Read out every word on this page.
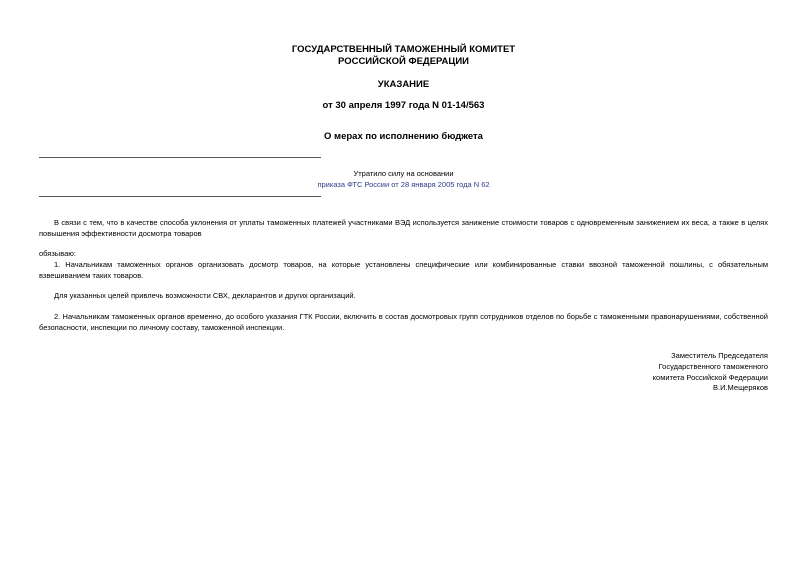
ГОСУДАРСТВЕННЫЙ ТАМОЖЕННЫЙ КОМИТЕТ
РОССИЙСКОЙ ФЕДЕРАЦИИ
УКАЗАНИЕ
от 30 апреля 1997 года N 01-14/563
О мерах по исполнению бюджета
Утратило силу на основании
приказа ФТС России от 28 января 2005 года N 62
В связи с тем, что в качестве способа уклонения от уплаты таможенных платежей участниками ВЭД используется занижение стоимости товаров с одновременным занижением их веса, а также в целях повышения эффективности досмотра товаров
обязываю:
1. Начальникам таможенных органов организовать досмотр товаров, на которые установлены специфические или комбинированные ставки ввозной таможенной пошлины, с обязательным взвешиванием таких товаров.
Для указанных целей привлечь возможности СВХ, декларантов и других организаций.
2. Начальникам таможенных органов временно, до особого указания ГТК России, включить в состав досмотровых групп сотрудников отделов по борьбе с таможенными правонарушениями, собственной безопасности, инспекции по личному составу, таможенной инспекции.
Заместитель Председателя
Государственного таможенного
комитета Российской Федерации
В.И.Мещеряков
